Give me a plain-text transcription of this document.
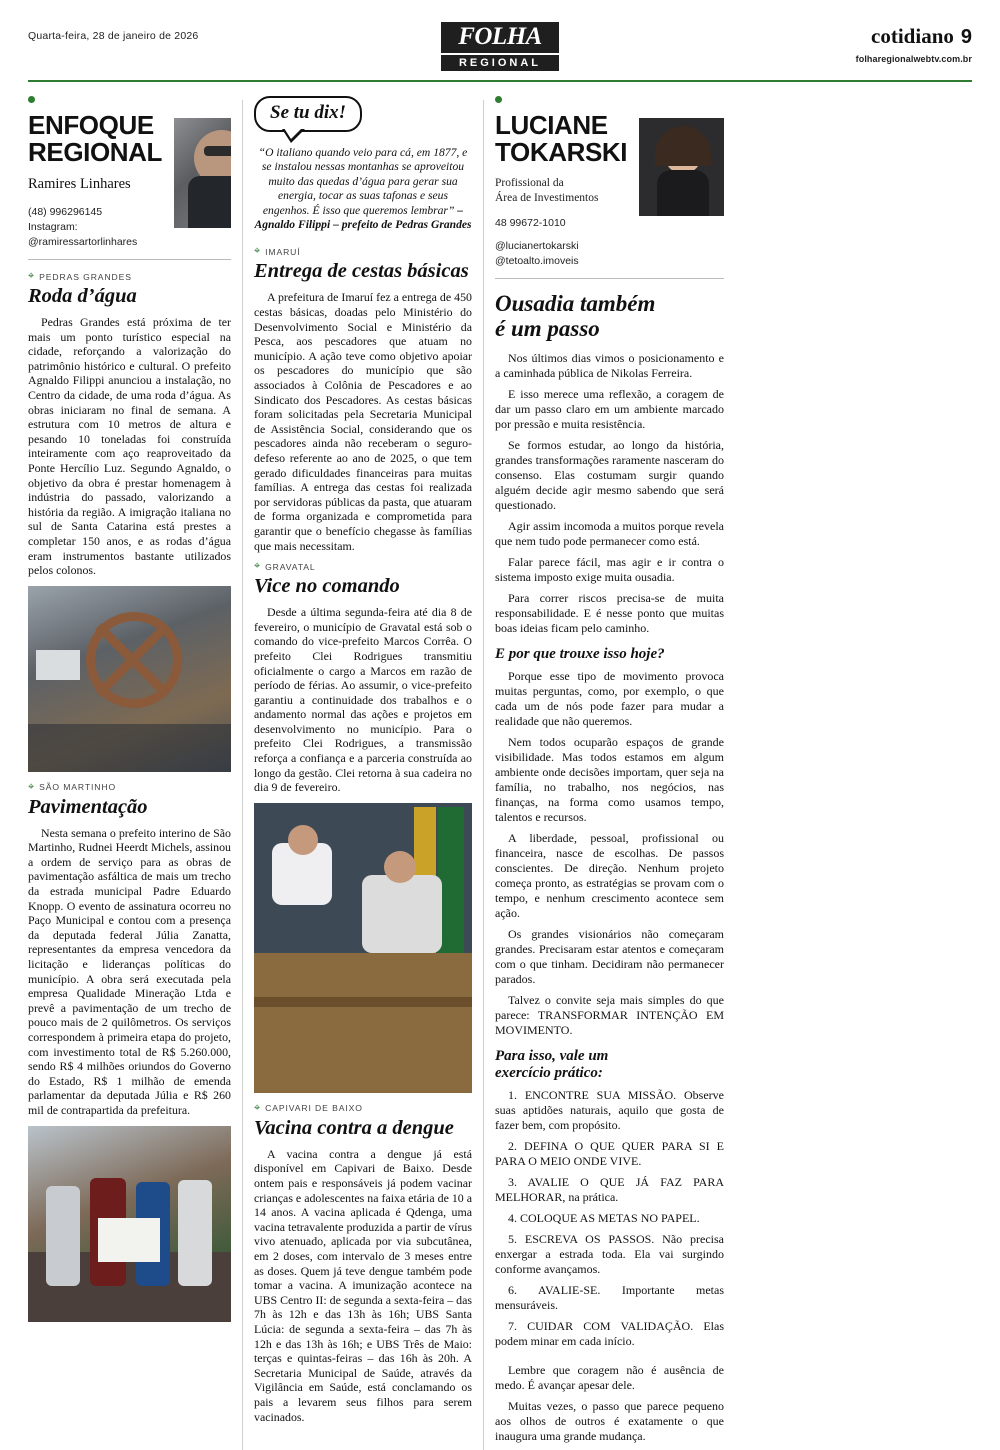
Quarta-feira, 28 de janeiro de 2026	FOLHA
REGIONAL
cotidiano 9
folharegionalwebtv.com.br
ENFOQUE
REGIONAL
Ramires Linhares
(48) 996296145
Instagram: @ramiressartorlinhares
⌖ PEDRAS GRANDES
Roda d’água

Pedras Grandes está próxima de ter mais um ponto turístico especial na cidade, reforçando a valorização do patrimônio histórico e cultural. O prefeito Agnaldo Filippi anunciou a instalação, no Centro da cidade, de uma roda d’água. As obras iniciaram no final de semana. A estrutura com 10 metros de altura e pesando 10 toneladas foi construída inteiramente com aço reaproveitado da Ponte Hercílio Luz. Segundo Agnaldo, o objetivo da obra é prestar homenagem à indústria do passado, valorizando a história da região. A imigração italiana no sul de Santa Catarina está prestes a completar 150 anos, e as rodas d’água eram instrumentos bastante utilizados pelos colonos.

⌖ SÃO MARTINHO
Pavimentação

Nesta semana o prefeito interino de São Martinho, Rudnei Heerdt Michels, assinou a ordem de serviço para as obras de pavimentação asfáltica de mais um trecho da estrada municipal Padre Eduardo Knopp. O evento de assinatura ocorreu no Paço Municipal e contou com a presença da deputada federal Júlia Zanatta, representantes da empresa vencedora da licitação e lideranças políticas do município. A obra será executada pela empresa Qualidade Mineração Ltda e prevê a pavimentação de um trecho de pouco mais de 2 quilômetros. Os serviços correspondem à primeira etapa do projeto, com investimento total de R$ 5.260.000, sendo R$ 4 milhões oriundos do Governo do Estado, R$ 1 milhão de emenda parlamentar da deputada Júlia e R$ 260 mil de contrapartida da prefeitura.

Se tu dix!
“O italiano quando veio para cá, em 1877, e se instalou nessas montanhas se aproveitou muito das quedas d’água para gerar sua energia, tocar as suas tafonas e seus engenhos. É isso que queremos lembrar” – Agnaldo Filippi – prefeito de Pedras Grandes
⌖ IMARUÍ
Entrega de cestas básicas

A prefeitura de Imaruí fez a entrega de 450 cestas básicas, doadas pelo Ministério do Desenvolvimento Social e Ministério da Pesca, aos pescadores que atuam no município. A ação teve como objetivo apoiar os pescadores do município que são associados à Colônia de Pescadores e ao Sindicato dos Pescadores. As cestas básicas foram solicitadas pela Secretaria Municipal de Assistência Social, considerando que os pescadores ainda não receberam o seguro-defeso referente ao ano de 2025, o que tem gerado dificuldades financeiras para muitas famílias. A entrega das cestas foi realizada por servidoras públicas da pasta, que atuaram de forma organizada e comprometida para garantir que o benefício chegasse às famílias que mais necessitam.

⌖ GRAVATAL
Vice no comando

Desde a última segunda-feira até dia 8 de fevereiro, o município de Gravatal está sob o comando do vice-prefeito Marcos Corrêa. O prefeito Clei Rodrigues transmitiu oficialmente o cargo a Marcos em razão de período de férias. Ao assumir, o vice-prefeito garantiu a continuidade dos trabalhos e o andamento normal das ações e projetos em desenvolvimento no município. Para o prefeito Clei Rodrigues, a transmissão reforça a confiança e a parceria construída ao longo da gestão. Clei retorna à sua cadeira no dia 9 de fevereiro.

⌖ CAPIVARI DE BAIXO
Vacina contra a dengue

A vacina contra a dengue já está disponível em Capivari de Baixo. Desde ontem pais e responsáveis já podem vacinar crianças e adolescentes na faixa etária de 10 a 14 anos. A vacina aplicada é Qdenga, uma vacina tetravalente produzida a partir de vírus vivo atenuado, aplicada por via subcutânea, em 2 doses, com intervalo de 3 meses entre as doses. Quem já teve dengue também pode tomar a vacina. A imunização acontece na UBS Centro II: de segunda a sexta-feira – das 7h às 12h e das 13h às 16h; UBS Santa Lúcia: de segunda a sexta-feira – das 7h às 12h e das 13h às 16h; e UBS Três de Maio: terças e quintas-feiras – das 16h às 20h. A Secretaria Municipal de Saúde, através da Vigilância em Saúde, está conclamando os pais a levarem seus filhos para serem vacinados.

LUCIANE
TOKARSKI
Profissional da
Área de Investimentos
48 99672-1010
@lucianertokarski
@tetoalto.imoveis
Ousadia também
é um passo

Nos últimos dias vimos o posicionamento e a caminhada pública de Nikolas Ferreira.

E isso merece uma reflexão, a coragem de dar um passo claro em um ambiente marcado por pressão e muita resistência.

Se formos estudar, ao longo da história, grandes transformações raramente nasceram do consenso. Elas costumam surgir quando alguém decide agir mesmo sabendo que será questionado.

Agir assim incomoda a muitos porque revela que nem tudo pode permanecer como está.

Falar parece fácil, mas agir e ir contra o sistema imposto exige muita ousadia.

Para correr riscos precisa-se de muita responsabilidade. E é nesse ponto que muitas boas ideias ficam pelo caminho.

E por que trouxe isso hoje?

Porque esse tipo de movimento provoca muitas perguntas, como, por exemplo, o que cada um de nós pode fazer para mudar a realidade que não queremos.

Nem todos ocuparão espaços de grande visibilidade. Mas todos estamos em algum ambiente onde decisões importam, quer seja na família, no trabalho, nos negócios, nas finanças, na forma como usamos tempo, talentos e recursos.

A liberdade, pessoal, profissional ou financeira, nasce de escolhas. De passos conscientes. De direção. Nenhum projeto começa pronto, as estratégias se provam com o tempo, e nenhum crescimento acontece sem ação.

Os grandes visionários não começaram grandes. Precisaram estar atentos e começaram com o que tinham. Decidiram não permanecer parados.

Talvez o convite seja mais simples do que parece: TRANSFORMAR INTENÇÃO EM MOVIMENTO.

Para isso, vale um
exercício prático:

1. ENCONTRE SUA MISSÃO. Observe suas aptidões naturais, aquilo que gosta de fazer bem, com propósito.

2. DEFINA O QUE QUER PARA SI E PARA O MEIO ONDE VIVE.

3. AVALIE O QUE JÁ FAZ PARA MELHORAR, na prática.

4. COLOQUE AS METAS NO PAPEL.

5. ESCREVA OS PASSOS. Não precisa enxergar a estrada toda. Ela vai surgindo conforme avançamos.

6. AVALIE-SE. Importante metas mensuráveis.

7. CUIDAR COM VALIDAÇÃO. Elas podem minar em cada início.

Lembre que coragem não é ausência de medo. É avançar apesar dele.

Muitas vezes, o passo que parece pequeno aos olhos de outros é exatamente o que inaugura uma grande mudança.
